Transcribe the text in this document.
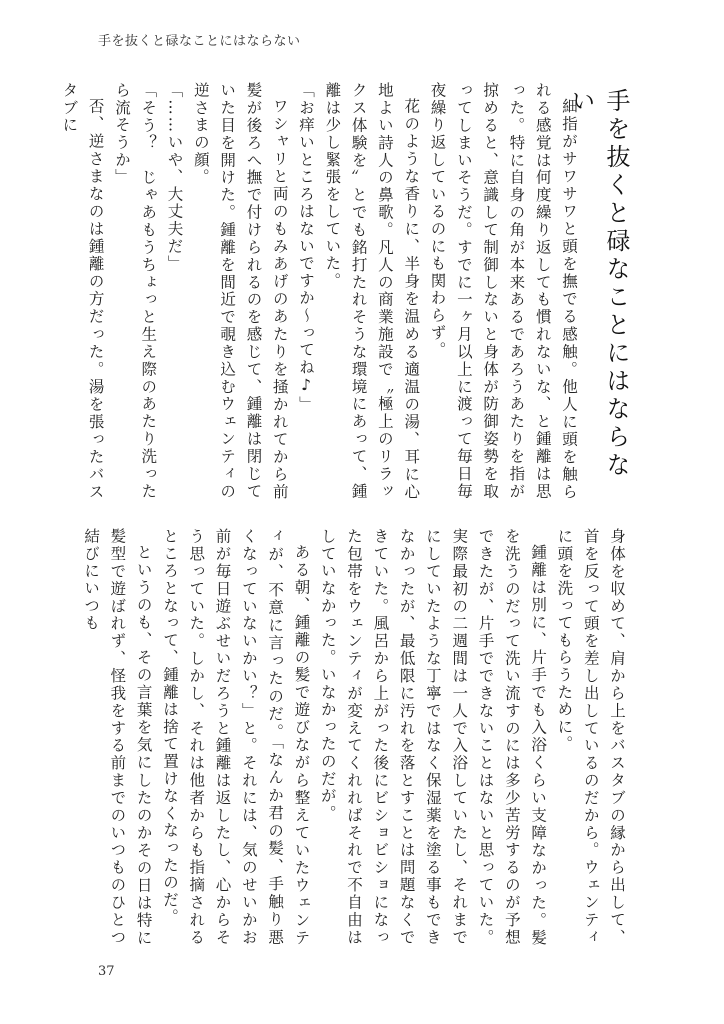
手を抜くと碌なことにはならない
手を抜くと碌なことにはならない

細指がサワサワと頭を撫でる感触。他人に頭を触られる感覚は何度繰り返しても慣れないな、と鍾離は思った。特に自身の角が本来あるであろうあたりを指が掠めると、意識して制御しないと身体が防御姿勢を取ってしまいそうだ。すでに一ヶ月以上に渡って毎日毎夜繰り返しているのにも関わらず。

花のような香りに、半身を温める適温の湯、耳に心地よい詩人の鼻歌。凡人の商業施設で〝極上のリラックス体験を〟とでも銘打たれそうな環境にあって、鍾離は少し緊張をしていた。

「お痒いところはないですか〜ってね♪」

ワシャリと両のもみあげのあたりを掻かれてから前髪が後ろへ撫で付けられるのを感じて、鍾離は閉じていた目を開けた。鍾離を間近で覗き込むウェンティの逆さまの顔。

「……いや、大丈夫だ」

「そう？　じゃあもうちょっと生え際のあたり洗ったら流そうか」

否、逆さまなのは鍾離の方だった。湯を張ったバスタブに

身体を収めて、肩から上をバスタブの縁から出して、首を反って頭を差し出しているのだから。ウェンティに頭を洗ってもらうために。

鍾離は別に、片手でも入浴くらい支障なかった。髪を洗うのだって洗い流すのには多少苦労するのが予想できたが、片手でできないことはないと思っていた。実際最初の二週間は一人で入浴していたし、それまでにしていたような丁寧ではなく保湿薬を塗る事もできなかったが、最低限に汚れを落とすことは問題なくできていた。風呂から上がった後にビショビショになった包帯をウェンティが変えてくれればそれで不自由はしていなかった。いなかったのだが。

ある朝、鍾離の髪で遊びながら整えていたウェンティが、不意に言ったのだ。「なんか君の髪、手触り悪くなっていないかい？」と。それには、気のせいかお前が毎日遊ぶせいだろうと鍾離は返したし、心からそう思っていた。しかし、それは他者からも指摘されるところとなって、鍾離は捨て置けなくなったのだ。

というのも、その言葉を気にしたのかその日は特に髪型で遊ばれず、怪我をする前までのいつものひとつ結びにいつも

37
